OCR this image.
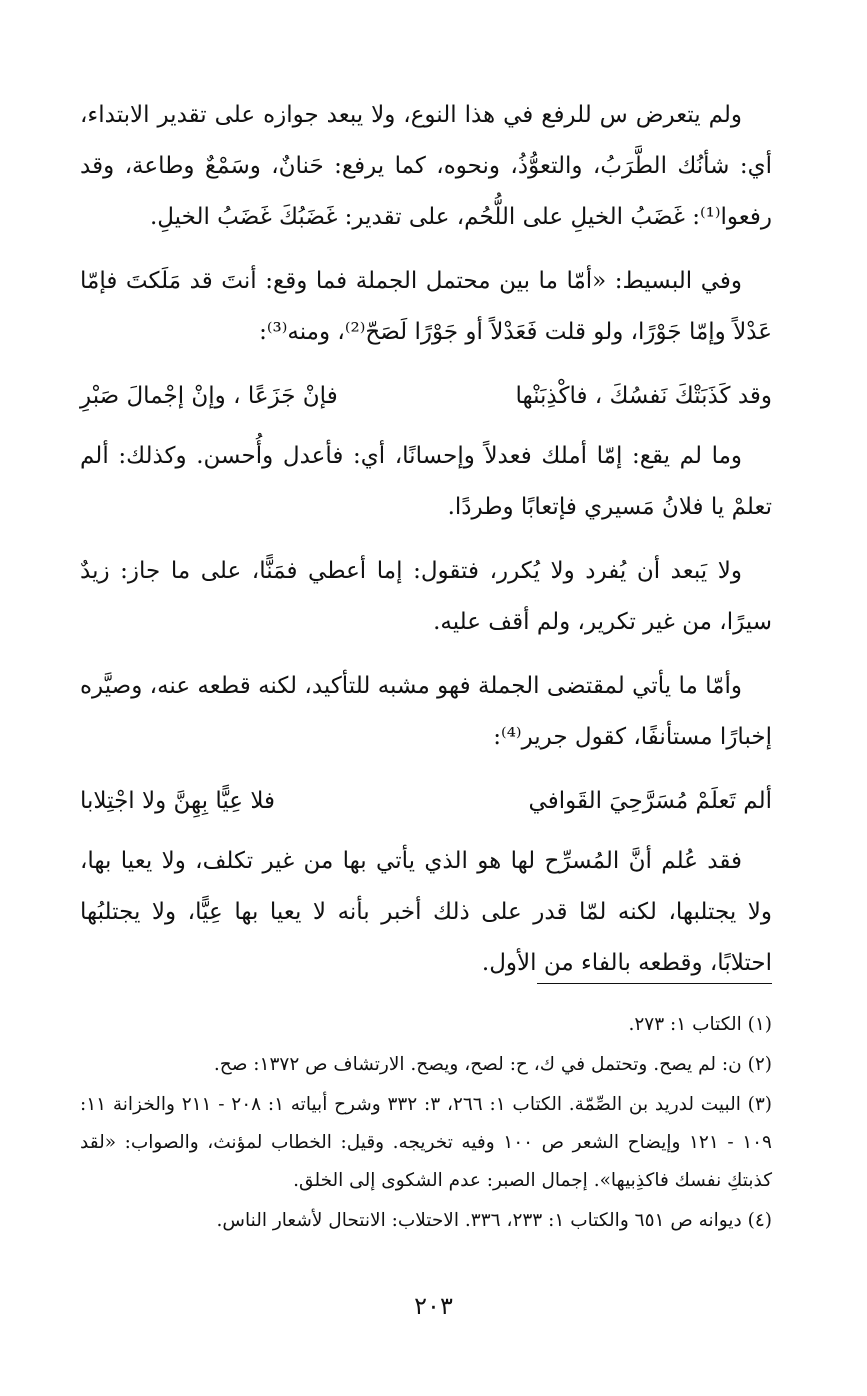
ولم يتعرض س للرفع في هذا النوع، ولا يبعد جوازه على تقدير الابتداء، أي: شأنُك الطَّرَبُ، والتعوُّذُ، ونحوه، كما يرفع: حَنانٌ، وسَمْعٌ وطاعة، وقد رفعوا⁽¹⁾: غَضَبُ الخيلِ على اللُّحُم، على تقدير: غَضَبُكَ غَضَبُ الخيلِ.

وفي البسيط: «أمّا ما بين محتمل الجملة فما وقع: أنتَ قد مَلَكتَ فإمّا عَدْلاً وإمّا جَوْرًا، ولو قلت فَعَدْلاً أو جَوْرًا لَصَحّ⁽²⁾، ومنه⁽³⁾:

وقد كَذَبَتْكَ نَفسُكَ ، فاكْذِبَنْها
فإنْ جَزَعًا ، وإنْ إجْمالَ صَبْرِ

وما لم يقع: إمّا أملك فعدلاً وإحسانًا، أي: فأعدل وأُحسن. وكذلك: ألم تعلمْ يا فلانُ مَسيري فإتعابًا وطردًا.

ولا يَبعد أن يُفرد ولا يُكرر، فتقول: إما أعطي فمَنًّا، على ما جاز: زيدٌ سيرًا، من غير تكرير، ولم أقف عليه.

وأمّا ما يأتي لمقتضى الجملة فهو مشبه للتأكيد، لكنه قطعه عنه، وصيَّره إخبارًا مستأنفًا، كقول جرير⁽⁴⁾:

ألم تَعلَمْ مُسَرَّحِيَ القَوافي
فلا عِيًّا بِهِنَّ ولا اجْتِلابا

فقد عُلم أنَّ المُسرِّح لها هو الذي يأتي بها من غير تكلف، ولا يعيا بها، ولا يجتلبها، لكنه لمّا قدر على ذلك أخبر بأنه لا يعيا بها عِيًّا، ولا يجتلبُها احتلابًا، وقطعه بالفاء من الأول.

(١) الكتاب ١: ٢٧٣.
(٢) ن: لم يصح. وتحتمل في ك، ح: لصح، ويصح. الارتشاف ص ١٣٧٢: صح.
(٣) البيت لدريد بن الصِّمّة. الكتاب ١: ٢٦٦، ٣: ٣٣٢ وشرح أبياته ١: ٢٠٨ - ٢١١ والخزانة ١١: ١٠٩ - ١٢١ وإيضاح الشعر ص ١٠٠ وفيه تخريجه. وقيل: الخطاب لمؤنث، والصواب: «لقد كذبتكِ نفسك فاكذِبيها». إجمال الصبر: عدم الشكوى إلى الخلق.
(٤) ديوانه ص ٦٥١ والكتاب ١: ٢٣٣، ٣٣٦. الاحتلاب: الانتحال لأشعار الناس.
٢٠٣
